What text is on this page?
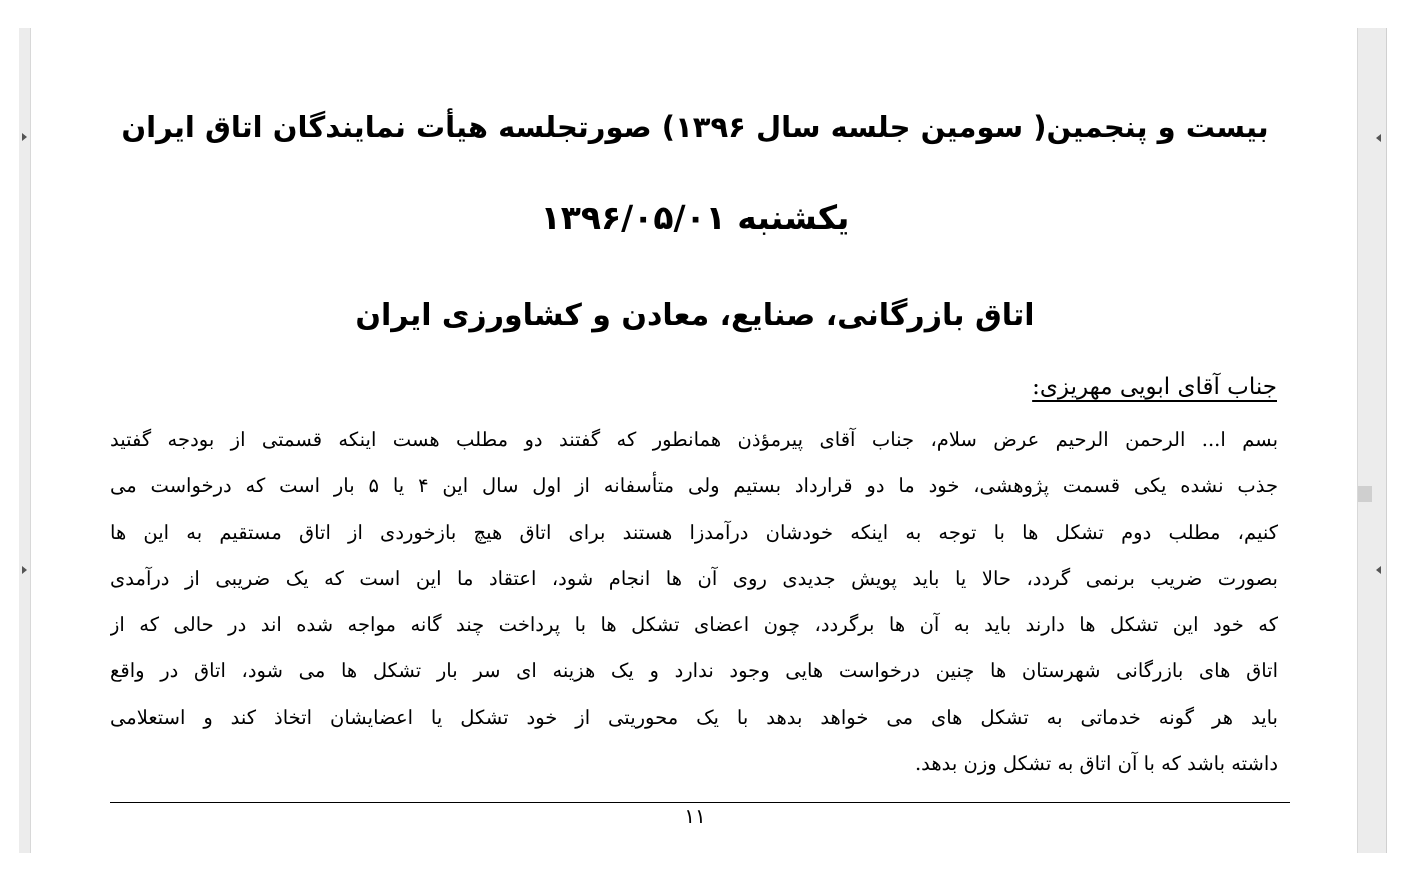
بیست و پنجمین( سومین جلسه سال ۱۳۹۶) صورتجلسه هیأت نمایندگان اتاق ایران
یکشنبه ۱۳۹۶/۰۵/۰۱
اتاق بازرگانی، صنایع، معادن و کشاورزی ایران
جناب آقای ابویی مهریزی:
بسم ا... الرحمن الرحیم عرض سلام، جناب آقای پیرمؤذن همانطور که گفتند دو مطلب هست اینکه قسمتی از بودجه گفتید
جذب نشده یکی قسمت پژوهشی، خود ما دو قرارداد بستیم ولی متأسفانه از اول سال این ۴ یا ۵ بار است که درخواست می
کنیم، مطلب دوم تشکل ها با توجه به اینکه خودشان درآمدزا هستند برای اتاق هیچ بازخوردی از اتاق مستقیم به این ها
بصورت ضریب برنمی گردد، حالا یا باید پویش جدیدی روی آن ها انجام شود، اعتقاد ما این است که یک ضریبی از درآمدی
که خود این تشکل ها دارند باید به آن ها برگردد، چون اعضای تشکل ها با پرداخت چند گانه مواجه شده اند در حالی که از
اتاق های بازرگانی شهرستان ها چنین درخواست هایی وجود ندارد و یک هزینه ای سر بار تشکل ها می شود، اتاق در واقع
باید هر گونه خدماتی به تشکل های می خواهد بدهد با یک محوریتی از خود تشکل یا اعضایشان اتخاذ کند و استعلامی
داشته باشد که با آن اتاق به تشکل وزن بدهد.
۱۱
